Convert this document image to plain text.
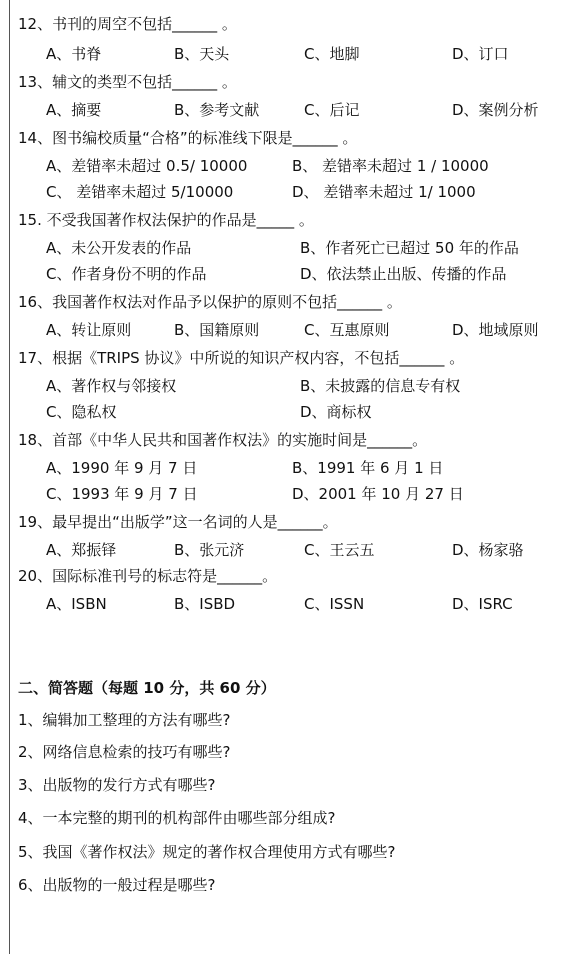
12、书刊的周空不包括______ 。
A、书脊	B、天头	C、地脚	D、订口
13、辅文的类型不包括______ 。
A、摘要	B、参考文献	C、后记	D、案例分析
14、图书编校质量“合格”的标准线下限是______ 。
A、差错率未超过 0.5/ 10000	B、 差错率未超过 1 / 10000
C、 差错率未超过 5/10000	D、 差错率未超过 1/ 1000
15. 不受我国著作权法保护的作品是_____ 。
A、未公开发表的作品	B、作者死亡已超过 50 年的作品
C、作者身份不明的作品	D、依法禁止出版、传播的作品
16、我国著作权法对作品予以保护的原则不包括______ 。
A、转让原则	B、国籍原则	C、互惠原则	D、地域原则
17、根据《TRIPS 协议》中所说的知识产权内容，不包括______ 。
A、著作权与邻接权	B、未披露的信息专有权
C、隐私权	D、商标权
18、首部《中华人民共和国著作权法》的实施时间是______。
A、1990 年 9 月 7 日	B、1991 年 6 月 1 日
C、1993 年 9 月 7 日	D、2001 年 10 月 27 日
19、最早提出“出版学”这一名词的人是______。
A、郑振铎	B、张元济	C、王云五	D、杨家骆
20、国际标准刊号的标志符是______。
A、ISBN	B、ISBD	C、ISSN	D、ISRC
二、简答题（每题 10 分，共 60 分）
1、编辑加工整理的方法有哪些?
2、网络信息检索的技巧有哪些?
3、出版物的发行方式有哪些?
4、一本完整的期刊的机构部件由哪些部分组成?
5、我国《著作权法》规定的著作权合理使用方式有哪些?
6、出版物的一般过程是哪些?
